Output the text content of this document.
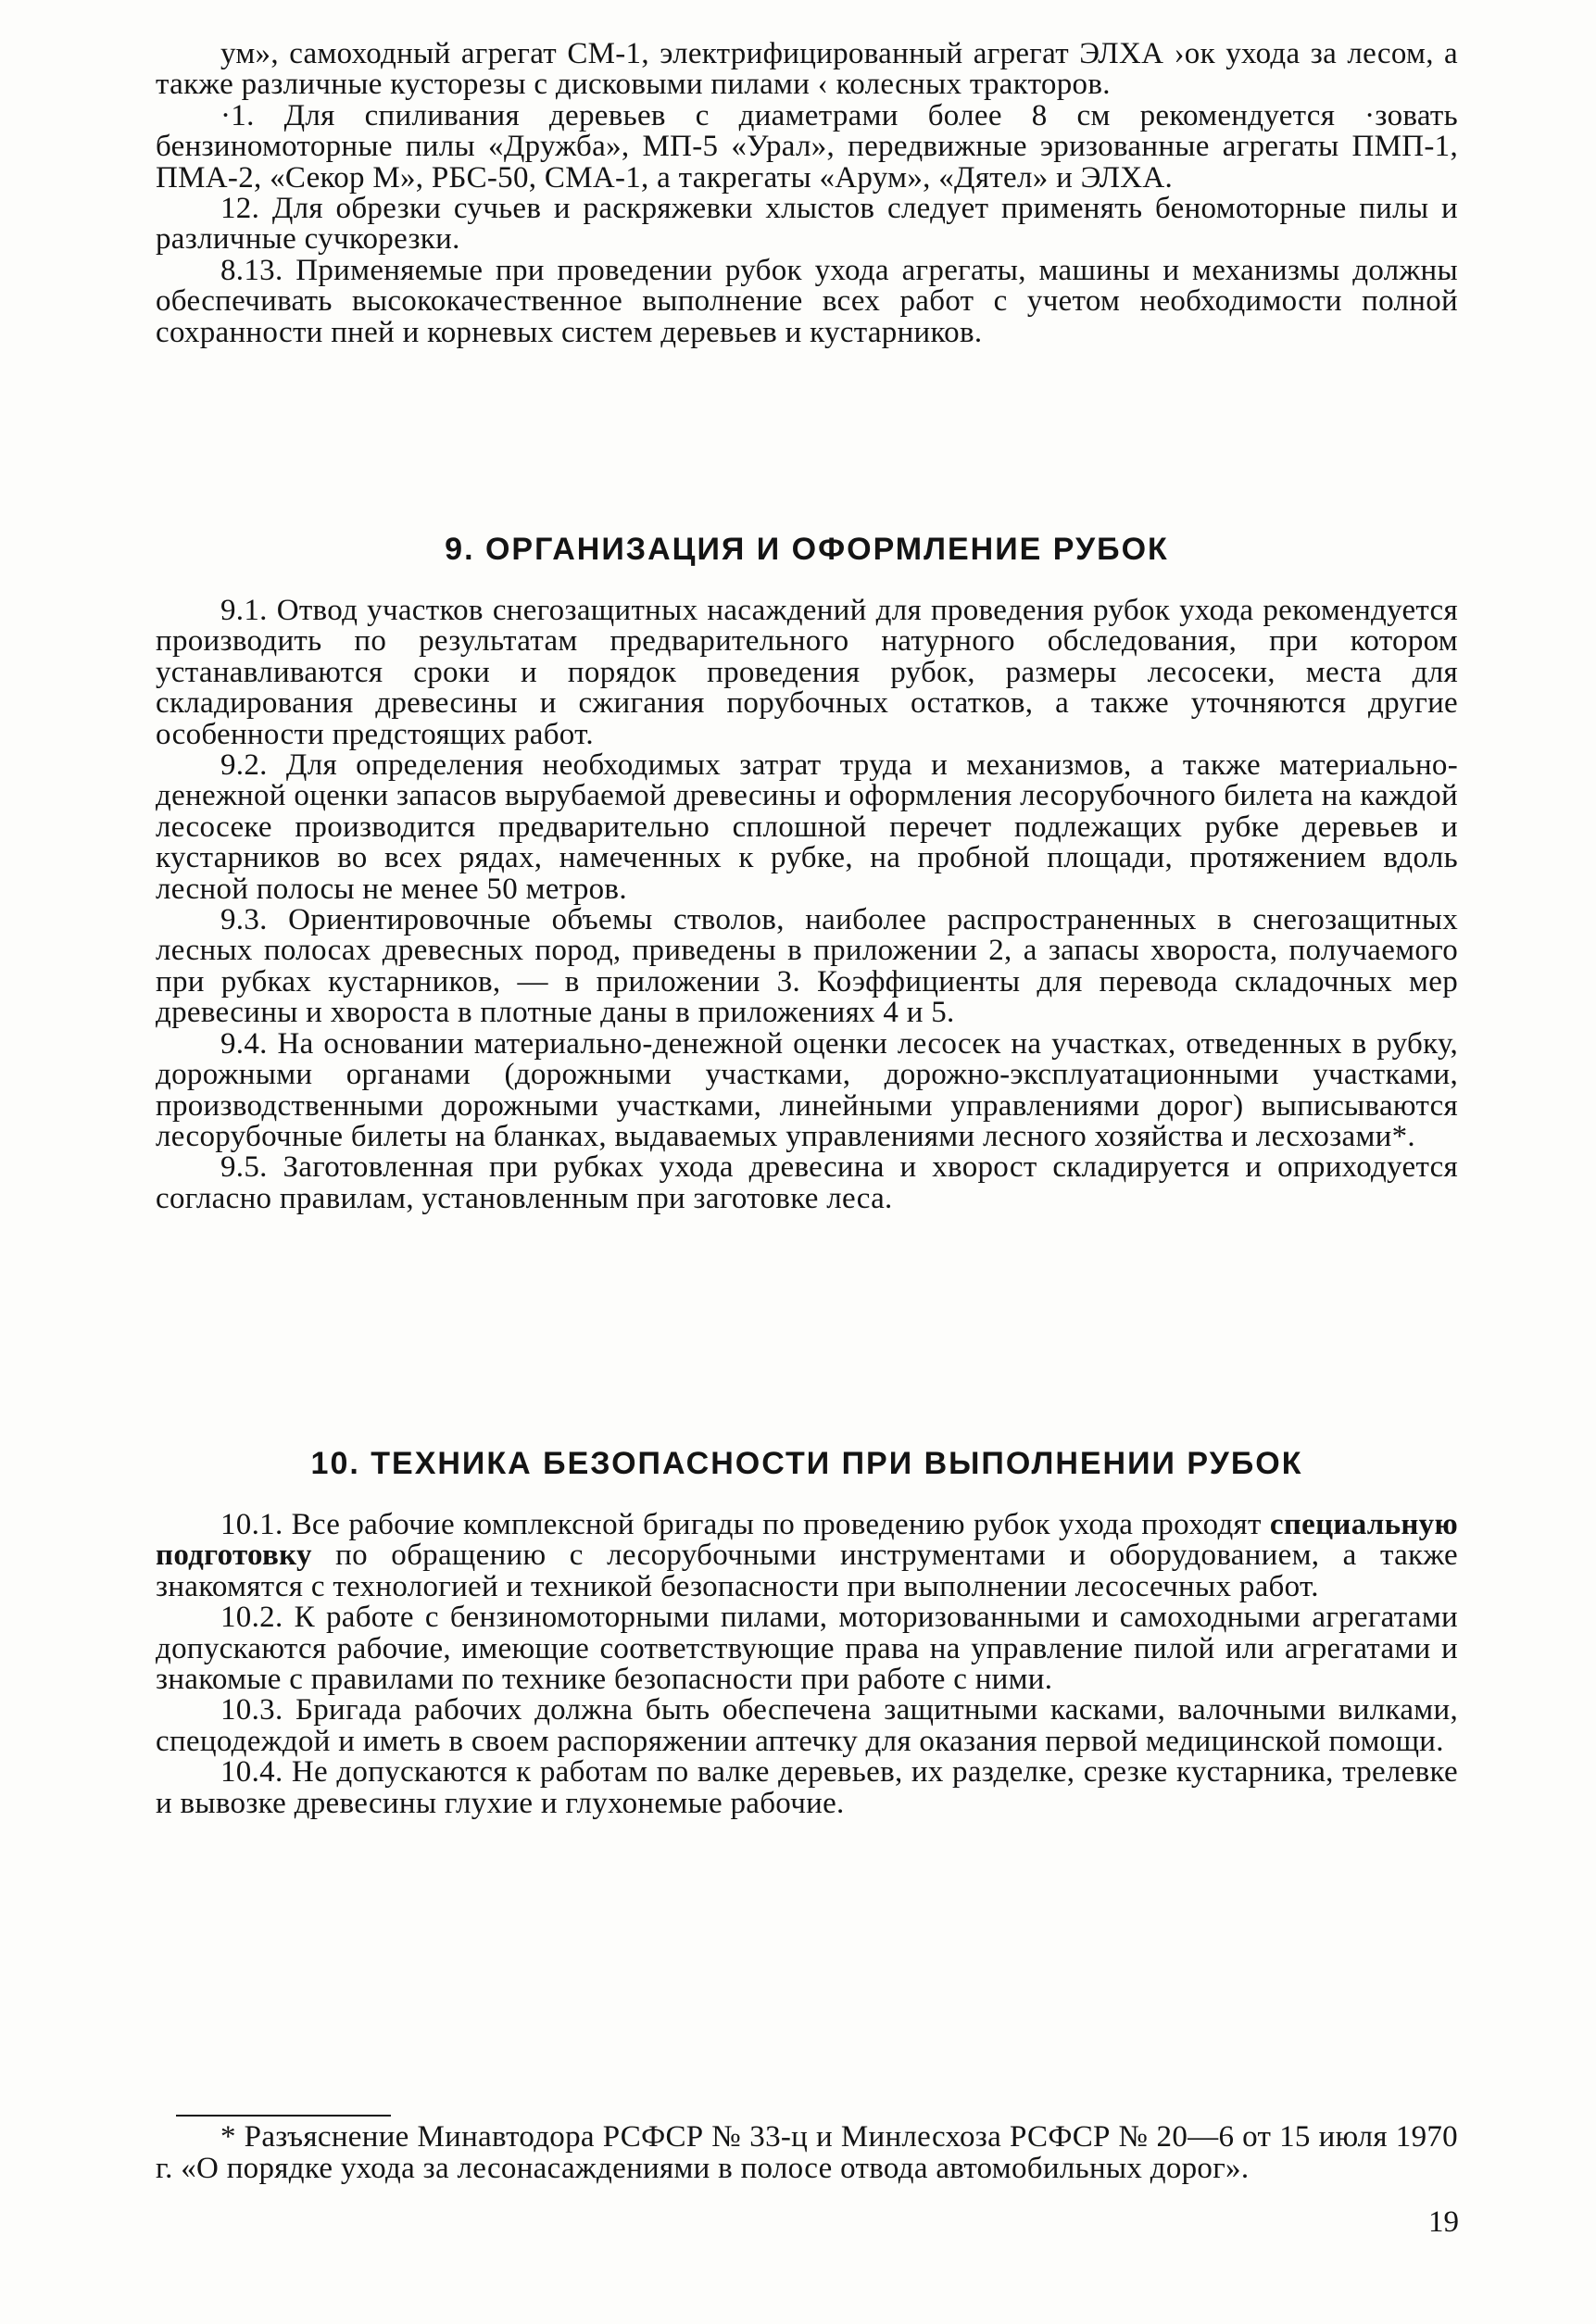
ум», самоходный агрегат СМ-1, электрифицированный агрегат ЭЛХА ›ок ухода за лесом, а также различные кусторезы с дисковыми пилами ‹ колесных тракторов.

·1. Для спиливания деревьев с диаметрами более 8 см рекомендуется ·зовать бензиномоторные пилы «Дружба», МП-5 «Урал», передвижные эризованные агрегаты ПМП-1, ПМА-2, «Секор М», РБС-50, СМА-1, а такрегаты «Арум», «Дятел» и ЭЛХА.

12. Для обрезки сучьев и раскряжевки хлыстов следует применять беномоторные пилы и различные сучкорезки.

8.13. Применяемые при проведении рубок ухода агрегаты, машины и механизмы должны обеспечивать высококачественное выполнение всех работ с учетом необходимости полной сохранности пней и корневых систем деревьев и кустарников.

9. ОРГАНИЗАЦИЯ И ОФОРМЛЕНИЕ РУБОК

9.1. Отвод участков снегозащитных насаждений для проведения рубок ухода рекомендуется производить по результатам предварительного натурного обследования, при котором устанавливаются сроки и порядок проведения рубок, размеры лесосеки, места для складирования древесины и сжигания порубочных остатков, а также уточняются другие особенности предстоящих работ.

9.2. Для определения необходимых затрат труда и механизмов, а также материально-денежной оценки запасов вырубаемой древесины и оформления лесорубочного билета на каждой лесосеке производится предварительно сплошной перечет подлежащих рубке деревьев и кустарников во всех рядах, намеченных к рубке, на пробной площади, протяжением вдоль лесной полосы не менее 50 метров.

9.3. Ориентировочные объемы стволов, наиболее распространенных в снегозащитных лесных полосах древесных пород, приведены в приложении 2, а запасы хвороста, получаемого при рубках кустарников, — в приложении 3. Коэффициенты для перевода складочных мер древесины и хвороста в плотные даны в приложениях 4 и 5.

9.4. На основании материально-денежной оценки лесосек на участках, отведенных в рубку, дорожными органами (дорожными участками, дорожно-эксплуатационными участками, производственными дорожными участками, линейными управлениями дорог) выписываются лесорубочные билеты на бланках, выдаваемых управлениями лесного хозяйства и лесхозами*.

9.5. Заготовленная при рубках ухода древесина и хворост складируется и оприходуется согласно правилам, установленным при заготовке леса.

10. ТЕХНИКА БЕЗОПАСНОСТИ ПРИ ВЫПОЛНЕНИИ РУБОК

10.1. Все рабочие комплексной бригады по проведению рубок ухода проходят специальную подготовку по обращению с лесорубочными инструментами и оборудованием, а также знакомятся с технологией и техникой безопасности при выполнении лесосечных работ.

10.2. К работе с бензиномоторными пилами, моторизованными и самоходными агрегатами допускаются рабочие, имеющие соответствующие права на управление пилой или агрегатами и знакомые с правилами по технике безопасности при работе с ними.

10.3. Бригада рабочих должна быть обеспечена защитными касками, валочными вилками, спецодеждой и иметь в своем распоряжении аптечку для оказания первой медицинской помощи.

10.4. Не допускаются к работам по валке деревьев, их разделке, срезке кустарника, трелевке и вывозке древесины глухие и глухонемые рабочие.

* Разъяснение Минавтодора РСФСР № 33-ц и Минлесхоза РСФСР № 20—6 от 15 июля 1970 г. «О порядке ухода за лесонасаждениями в полосе отвода автомобильных дорог».

19
